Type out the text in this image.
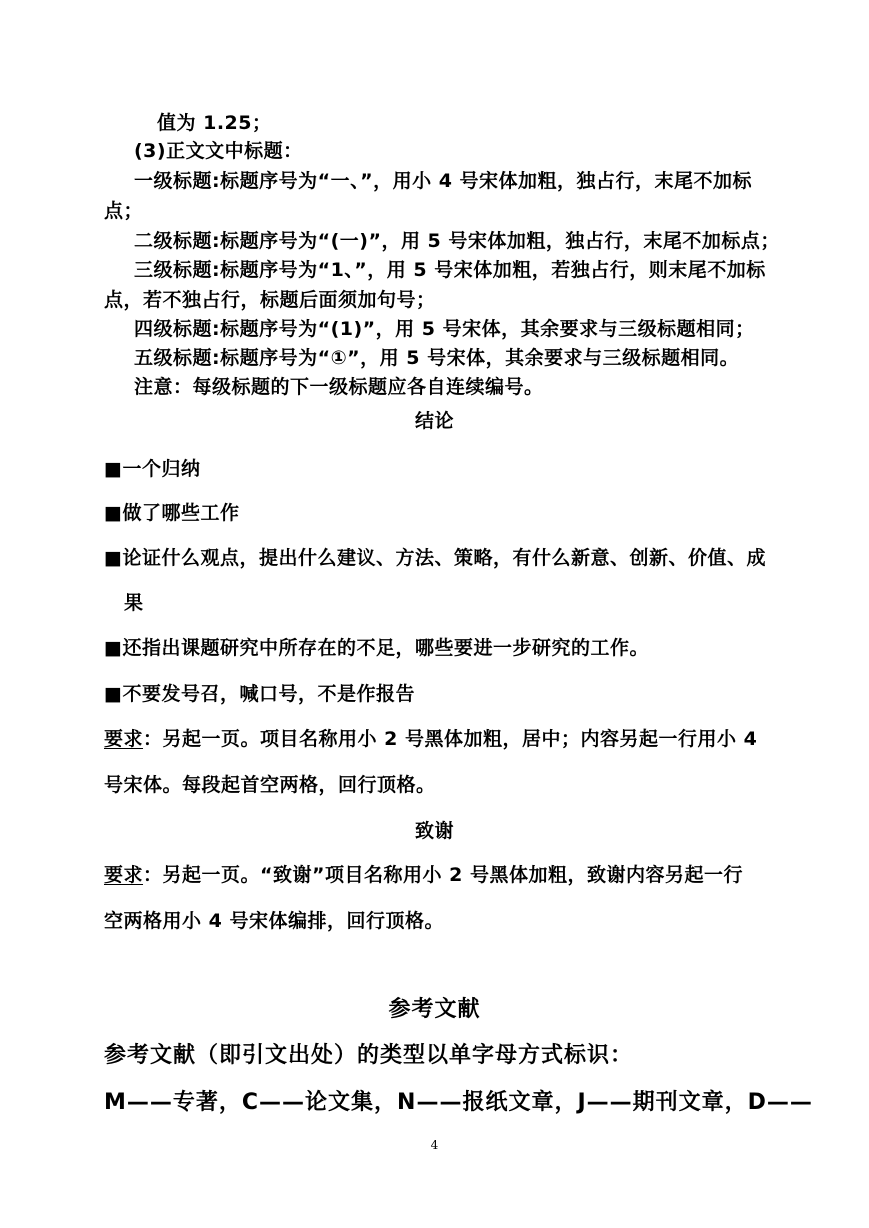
值为 1.25；
(3)正文文中标题：
一级标题:标题序号为“一、”，用小 4 号宋体加粗，独占行，末尾不加标
点；
二级标题:标题序号为“(一)”，用 5 号宋体加粗，独占行，末尾不加标点；
三级标题:标题序号为“1、”，用 5 号宋体加粗，若独占行，则末尾不加标
点，若不独占行，标题后面须加句号；
四级标题:标题序号为“(1)”，用 5 号宋体，其余要求与三级标题相同；
五级标题:标题序号为“①”，用 5 号宋体，其余要求与三级标题相同。
注意：每级标题的下一级标题应各自连续编号。
结论
■一个归纳
■做了哪些工作
■论证什么观点，提出什么建议、方法、策略，有什么新意、创新、价值、成
果
■还指出课题研究中所存在的不足，哪些要进一步研究的工作。
■不要发号召，喊口号，不是作报告
要求：另起一页。项目名称用小 2 号黑体加粗，居中；内容另起一行用小 4
号宋体。每段起首空两格，回行顶格。
致谢
要求：另起一页。“致谢”项目名称用小 2 号黑体加粗，致谢内容另起一行
空两格用小 4 号宋体编排，回行顶格。
参考文献
参考文献（即引文出处）的类型以单字母方式标识：
M——专著，C——论文集，N——报纸文章，J——期刊文章，D——
4
